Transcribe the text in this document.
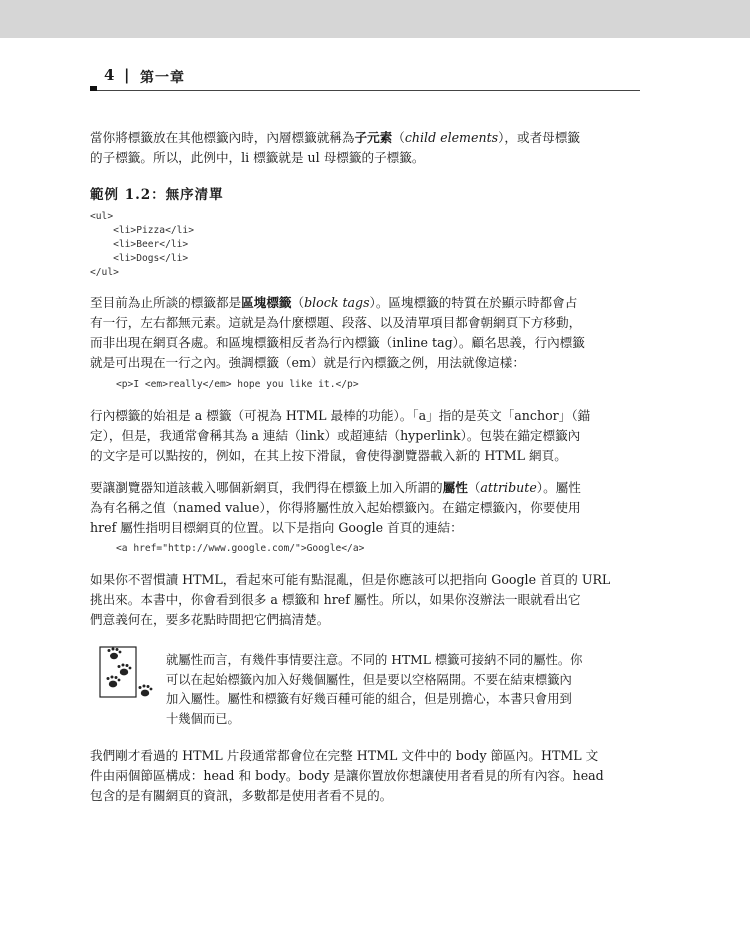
4 | 第一章

當你將標籤放在其他標籤內時，內層標籤就稱為子元素（child elements），或者母標籤
的子標籤。所以，此例中，li 標籤就是 ul 母標籤的子標籤。

範例 1.2：無序清單
<ul>
<li>Pizza</li>
<li>Beer</li>
<li>Dogs</li>
</ul>

至目前為止所談的標籤都是區塊標籤（block tags）。區塊標籤的特質在於顯示時都會占
有一行，左右都無元素。這就是為什麼標題、段落、以及清單項目都會朝網頁下方移動，
而非出現在網頁各處。和區塊標籤相反者為行內標籤（inline tag）。顧名思義，行內標籤
就是可出現在一行之內。強調標籤（em）就是行內標籤之例，用法就像這樣：

<p>I <em>really</em> hope you like it.</p>

行內標籤的始祖是 a 標籤（可視為 HTML 最棒的功能）。「a」指的是英文「anchor」（錨
定），但是，我通常會稱其為 a 連結（link）或超連結（hyperlink）。包裝在錨定標籤內
的文字是可以點按的，例如，在其上按下滑鼠，會使得瀏覽器載入新的 HTML 網頁。

要讓瀏覽器知道該載入哪個新網頁，我們得在標籤上加入所謂的屬性（attribute）。屬性
為有名稱之值（named value），你得將屬性放入起始標籤內。在錨定標籤內，你要使用
href 屬性指明目標網頁的位置。以下是指向 Google 首頁的連結：

<a href="http://www.google.com/">Google</a>

如果你不習慣讀 HTML，看起來可能有點混亂，但是你應該可以把指向 Google 首頁的 URL
挑出來。本書中，你會看到很多 a 標籤和 href 屬性。所以，如果你沒辦法一眼就看出它
們意義何在，要多花點時間把它們搞清楚。

就屬性而言，有幾件事情要注意。不同的 HTML 標籤可接納不同的屬性。你
可以在起始標籤內加入好幾個屬性，但是要以空格隔開。不要在結束標籤內
加入屬性。屬性和標籤有好幾百種可能的組合，但是別擔心，本書只會用到
十幾個而已。

我們剛才看過的 HTML 片段通常都會位在完整 HTML 文件中的 body 節區內。HTML 文
件由兩個節區構成：head 和 body。body 是讓你置放你想讓使用者看見的所有內容。head
包含的是有關網頁的資訊，多數都是使用者看不見的。
